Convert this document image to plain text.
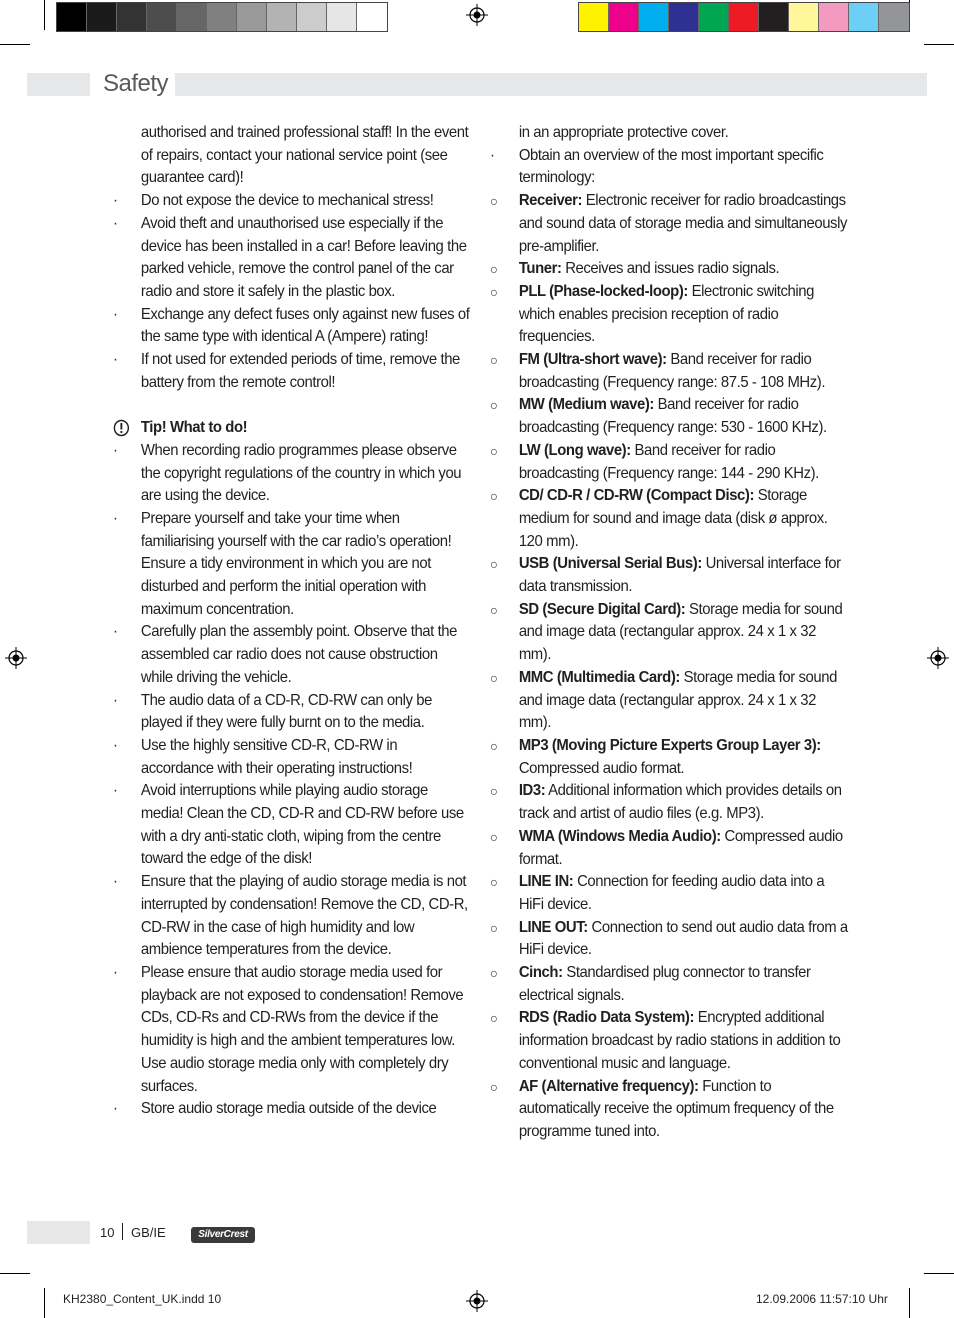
Safety
authorised and trained professional staff! In the event of repairs, contact your national service point (see guarantee card)!
·	Do not expose the device to mechanical stress!
·	Avoid theft and unauthorised use especially if the device has been installed in a car! Before leaving the parked vehicle, remove the control panel of the car radio and store it safely in the plastic box.
·	Exchange any defect fuses only against new fuses of the same type with identical A (Ampere) rating!
·	If not used for extended periods of time, remove the battery from the remote control!
Tip! What to do!
·	When recording radio programmes please observe the copyright regulations of the country in which you are using the device.
·	Prepare yourself and take your time when familiarising yourself with the car radio’s operation! Ensure a tidy environment in which you are not disturbed and perform the initial operation with maximum concentration.
·	Carefully plan the assembly point. Observe that the assembled car radio does not cause obstruction while driving the vehicle.
·	The audio data of a CD-R, CD-RW can only be played if they were fully burnt on to the media.
·	Use the highly sensitive CD-R, CD-RW in accordance with their operating instructions!
·	Avoid interruptions while playing audio storage media! Clean the CD, CD-R and CD-RW before use with a dry anti-static cloth, wiping from the centre toward the edge of the disk!
·	Ensure that the playing of audio storage media is not interrupted by condensation! Remove the CD, CD-R, CD-RW in the case of high humidity and low ambience temperatures from the device.
·	Please ensure that audio storage media used for playback are not exposed to condensation! Remove CDs, CD-Rs and CD-RWs from the device if the humidity is high and the ambient temperatures low.
Use audio storage media only with completely dry surfaces.
·	Store audio storage media outside of the device
in an appropriate protective cover.
·	Obtain an overview of the most important specific terminology:
○	Receiver: Electronic receiver for radio broadcastings and sound data of storage media and simultaneously pre-amplifier.
○	Tuner: Receives and issues radio signals.
○	PLL (Phase-locked-loop): Electronic switching which enables precision reception of radio frequencies.
○	FM (Ultra-short wave): Band receiver for radio broadcasting (Frequency range: 87.5 - 108 MHz).
○	MW (Medium wave): Band receiver for radio broadcasting (Frequency range: 530 - 1600 KHz).
○	LW (Long wave): Band receiver for radio broadcasting (Frequency range: 144 - 290 KHz).
○	CD/ CD-R / CD-RW (Compact Disc): Storage medium for sound and image data (disk ø approx. 120 mm).
○	USB (Universal Serial Bus): Universal interface for data transmission.
○	SD (Secure Digital Card): Storage media for sound and image data (rectangular approx. 24 x 1 x 32 mm).
○	MMC (Multimedia Card): Storage media for sound and image data (rectangular approx. 24 x 1 x 32 mm).
○	MP3 (Moving Picture Experts Group Layer 3): Compressed audio format.
○	ID3: Additional information which provides details on track and artist of audio files (e.g. MP3).
○	WMA (Windows Media Audio): Compressed audio format.
○	LINE IN: Connection for feeding audio data into a HiFi device.
○	LINE OUT: Connection to send out audio data from a HiFi device.
○	Cinch: Standardised plug connector to transfer electrical signals.
○	RDS (Radio Data System): Encrypted additional information broadcast by radio stations in addition to conventional music and language.
○	AF (Alternative frequency): Function to automatically receive the optimum frequency of the programme tuned into.
10 GB/IE	SilverCrest
KH2380_Content_UK.indd 10	12.09.2006 11:57:10 Uhr
